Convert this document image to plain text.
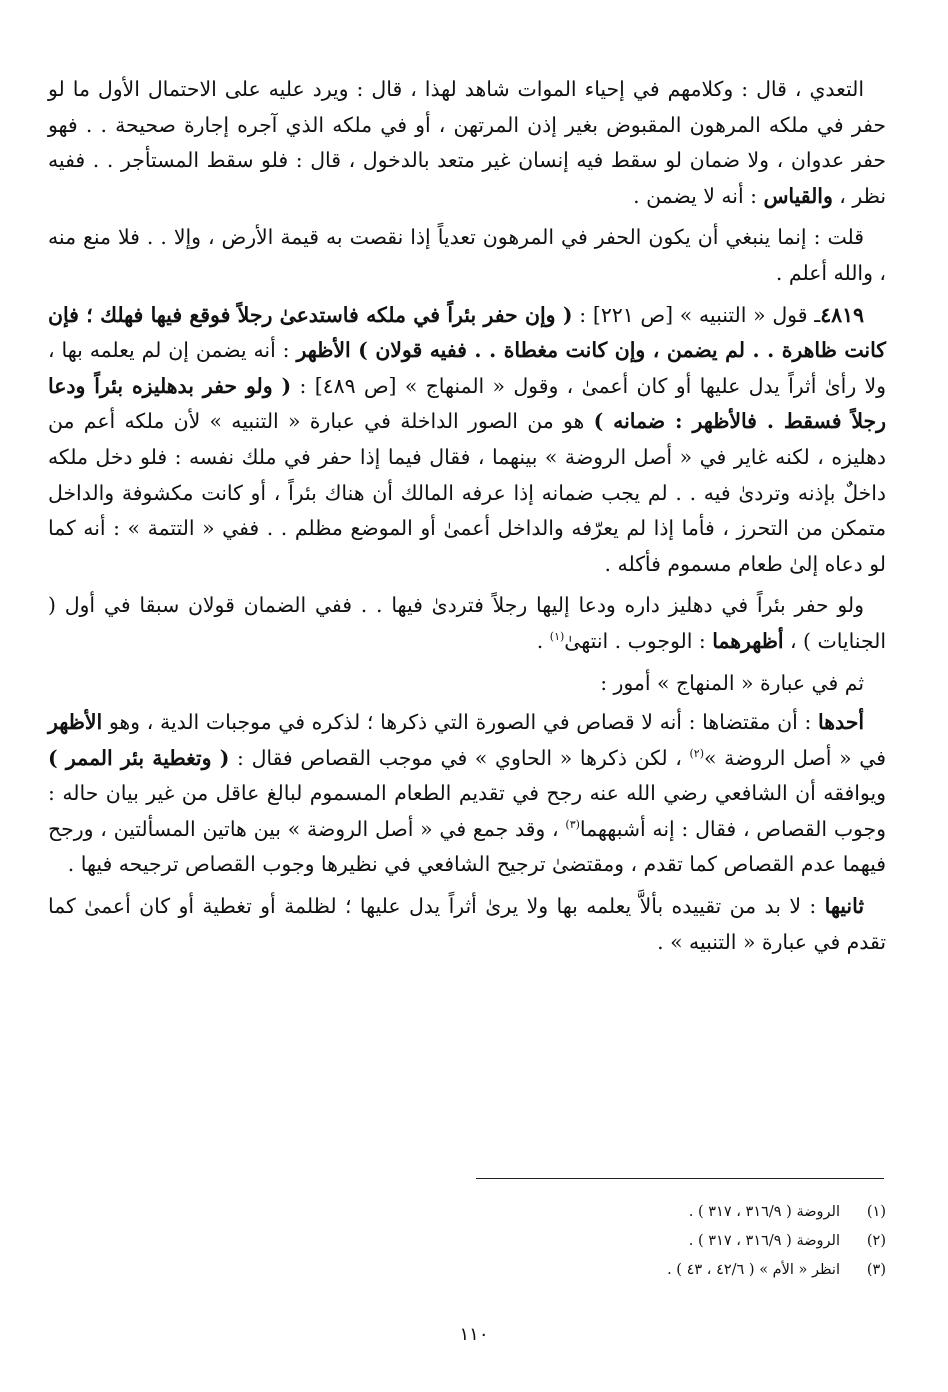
التعدي ، قال : وكلامهم في إحياء الموات شاهد لهذا ، قال : ويرد عليه على الاحتمال الأول ما لو حفر في ملكه المرهون المقبوض بغير إذن المرتهن ، أو في ملكه الذي آجره إجارة صحيحة . . فهو حفر عدوان ، ولا ضمان لو سقط فيه إنسان غير متعد بالدخول ، قال : فلو سقط المستأجر . . ففيه نظر ، والقياس : أنه لا يضمن .

قلت : إنما ينبغي أن يكون الحفر في المرهون تعدياً إذا نقصت به قيمة الأرض ، وإلا . . فلا منع منه ، والله أعلم .

٤٨١٩ـ قول « التنبيه » [ص ٢٢١] : ( وإن حفر بئراً في ملكه فاستدعىٰ رجلاً فوقع فيها فهلك ؛ فإن كانت ظاهرة . . لم يضمن ، وإن كانت مغطاة . . ففيه قولان ) الأظهر : أنه يضمن إن لم يعلمه بها ، ولا رأىٰ أثراً يدل عليها أو كان أعمىٰ ، وقول « المنهاج » [ص ٤٨٩] : ( ولو حفر بدهليزه بئراً ودعا رجلاً فسقط . فالأظهر : ضمانه ) هو من الصور الداخلة في عبارة « التنبيه » لأن ملكه أعم من دهليزه ، لكنه غاير في « أصل الروضة » بينهما ، فقال فيما إذا حفر في ملك نفسه : فلو دخل ملكه داخلٌ بإذنه وتردىٰ فيه . . لم يجب ضمانه إذا عرفه المالك أن هناك بئراً ، أو كانت مكشوفة والداخل متمكن من التحرز ، فأما إذا لم يعرّفه والداخل أعمىٰ أو الموضع مظلم . . ففي « التتمة » : أنه كما لو دعاه إلىٰ طعام مسموم فأكله .

ولو حفر بئراً في دهليز داره ودعا إليها رجلاً فتردىٰ فيها . . ففي الضمان قولان سبقا في أول ( الجنايات ) ، أظهرهما : الوجوب . انتهىٰ$^{(١)}$ .

ثم في عبارة « المنهاج » أمور :

أحدها : أن مقتضاها : أنه لا قصاص في الصورة التي ذكرها ؛ لذكره في موجبات الدية ، وهو الأظهر في « أصل الروضة »$^{(٢)}$ ، لكن ذكرها « الحاوي » في موجب القصاص فقال : ( وتغطية بئر الممر ) ويوافقه أن الشافعي رضي الله عنه رجح في تقديم الطعام المسموم لبالغ عاقل من غير بيان حاله : وجوب القصاص ، فقال : إنه أشبههما$^{(٣)}$ ، وقد جمع في « أصل الروضة » بين هاتين المسألتين ، ورجح فيهما عدم القصاص كما تقدم ، ومقتضىٰ ترجيح الشافعي في نظيرها وجوب القصاص ترجيحه فيها .

ثانيها : لا بد من تقييده بألاَّ يعلمه بها ولا يرىٰ أثراً يدل عليها ؛ لظلمة أو تغطية أو كان أعمىٰ كما تقدم في عبارة « التنبيه » .

(١)
الروضة ( ٣١٦/٩ ، ٣١٧ ) .
(٢)
الروضة ( ٣١٦/٩ ، ٣١٧ ) .
(٣)
انظر « الأم » ( ٤٢/٦ ، ٤٣ ) .
١١٠
